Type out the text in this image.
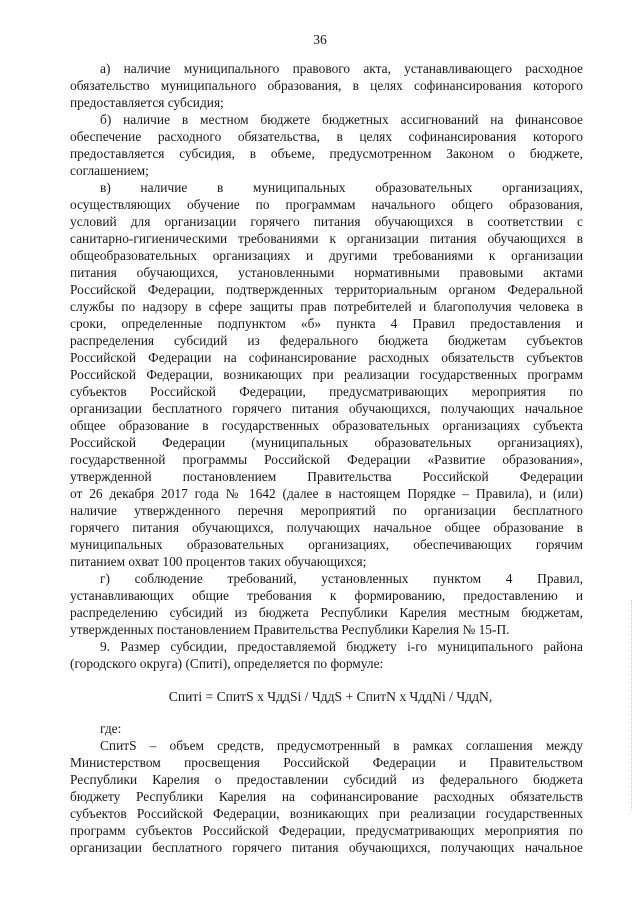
36
а) наличие муниципального правового акта, устанавливающего расходное
обязательство муниципального образования, в целях софинансирования которого
предоставляется субсидия;
б) наличие в местном бюджете бюджетных ассигнований на финансовое
обеспечение расходного обязательства, в целях софинансирования которого
предоставляется субсидия, в объеме, предусмотренном Законом о бюджете,
соглашением;
в) наличие в муниципальных образовательных организациях,
осуществляющих обучение по программам начального общего образования,
условий для организации горячего питания обучающихся в соответствии с
санитарно-гигиеническими требованиями к организации питания обучающихся в
общеобразовательных организациях и другими требованиями к организации
питания обучающихся, установленными нормативными правовыми актами
Российской Федерации, подтвержденных территориальным органом Федеральной
службы по надзору в сфере защиты прав потребителей и благополучия человека в
сроки, определенные подпунктом «б» пункта 4 Правил предоставления и
распределения субсидий из федерального бюджета бюджетам субъектов
Российской Федерации на софинансирование расходных обязательств субъектов
Российской Федерации, возникающих при реализации государственных программ
субъектов Российской Федерации, предусматривающих мероприятия по
организации бесплатного горячего питания обучающихся, получающих начальное
общее образование в государственных образовательных организациях субъекта
Российской Федерации (муниципальных образовательных организациях),
государственной программы Российской Федерации «Развитие образования»,
утвержденной постановлением Правительства Российской Федерации
от 26 декабря 2017 года № 1642 (далее в настоящем Порядке – Правила), и (или)
наличие утвержденного перечня мероприятий по организации бесплатного
горячего питания обучающихся, получающих начальное общее образование в
муниципальных образовательных организациях, обеспечивающих горячим
питанием охват 100 процентов таких обучающихся;
г) соблюдение требований, установленных пунктом 4 Правил,
устанавливающих общие требования к формированию, предоставлению и
распределению субсидий из бюджета Республики Карелия местным бюджетам,
утвержденных постановлением Правительства Республики Карелия № 15-П.
9. Размер субсидии, предоставляемой бюджету i-го муниципального района
(городского округа) (Спитi), определяется по формуле:
Спитi = СпитS x ЧддSi / ЧддS + СпитN x ЧддNi / ЧддN,
где:
СпитS – объем средств, предусмотренный в рамках соглашения между
Министерством просвещения Российской Федерации и Правительством
Республики Карелия о предоставлении субсидий из федерального бюджета
бюджету Республики Карелия на софинансирование расходных обязательств
субъектов Российской Федерации, возникающих при реализации государственных
программ субъектов Российской Федерации, предусматривающих мероприятия по
организации бесплатного горячего питания обучающихся, получающих начальное
